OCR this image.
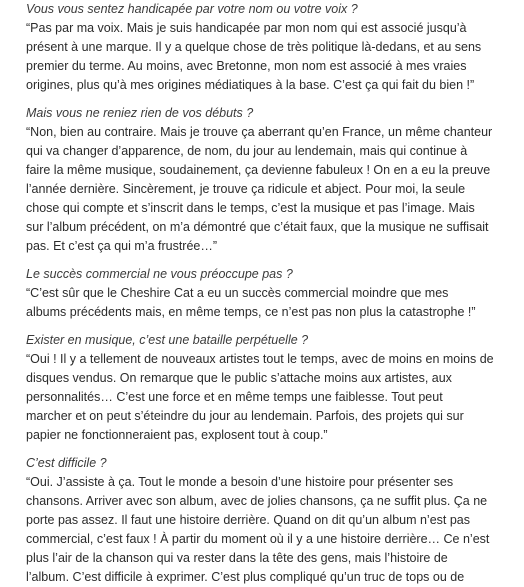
Vous vous sentez handicapée par votre nom ou votre voix ?

“Pas par ma voix. Mais je suis handicapée par mon nom qui est associé jusqu’à
présent à une marque. Il y a quelque chose de très politique là-dedans, et au sens
premier du terme. Au moins, avec Bretonne, mon nom est associé à mes vraies
origines, plus qu’à mes origines médiatiques à la base. C’est ça qui fait du bien !”

Mais vous ne reniez rien de vos débuts ?

“Non, bien au contraire. Mais je trouve ça aberrant qu’en France, un même chanteur
qui va changer d’apparence, de nom, du jour au lendemain, mais qui continue à
faire la même musique, soudainement, ça devienne fabuleux ! On en a eu la preuve
l’année dernière. Sincèrement, je trouve ça ridicule et abject. Pour moi, la seule
chose qui compte et s’inscrit dans le temps, c’est la musique et pas l’image. Mais
sur l’album précédent, on m’a démontré que c’était faux, que la musique ne suffisait
pas. Et c’est ça qui m’a frustrée…”

Le succès commercial ne vous préoccupe pas ?

“C’est sûr que le Cheshire Cat a eu un succès commercial moindre que mes
albums précédents mais, en même temps, ce n’est pas non plus la catastrophe !”

Exister en musique, c’est une bataille perpétuelle ?

“Oui ! Il y a tellement de nouveaux artistes tout le temps, avec de moins en moins de
disques vendus. On remarque que le public s’attache moins aux artistes, aux
personnalités… C’est une force et en même temps une faiblesse. Tout peut
marcher et on peut s’éteindre du jour au lendemain. Parfois, des projets qui sur
papier ne fonctionneraient pas, explosent tout à coup.”

C’est difficile ?

“Oui. J’assiste à ça. Tout le monde a besoin d’une histoire pour présenter ses
chansons. Arriver avec son album, avec de jolies chansons, ça ne suffit plus. Ça ne
porte pas assez. Il faut une histoire derrière. Quand on dit qu’un album n’est pas
commercial, c’est faux ! À partir du moment où il y a une histoire derrière… Ce n’est
plus l’air de la chanson qui va rester dans la tête des gens, mais l’histoire de
l’album. C’est difficile à exprimer. C’est plus compliqué qu’un truc de tops ou de
